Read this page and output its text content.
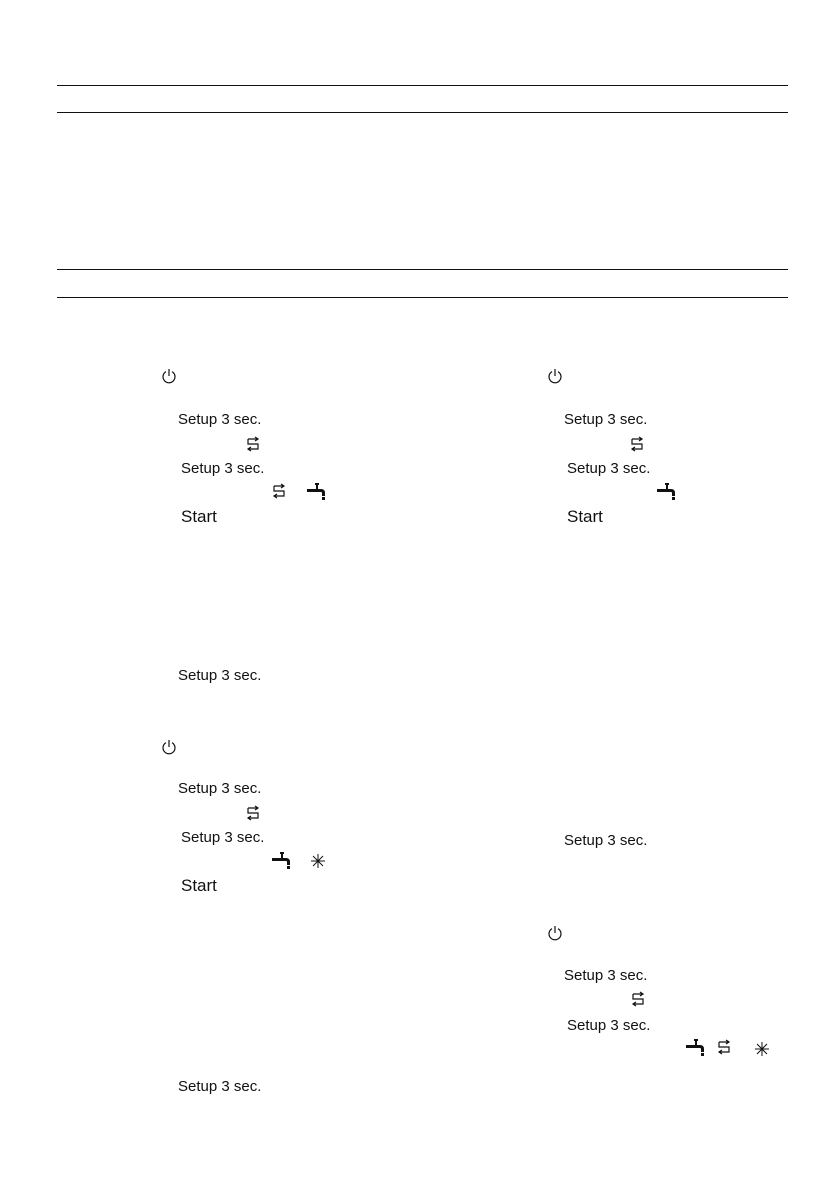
Setup 3 sec.
Setup 3 sec.
Start
Setup 3 sec.
Setup 3 sec.
Setup 3 sec.
Start
Setup 3 sec.
Setup 3 sec.
Setup 3 sec.
Start
Setup 3 sec.
Setup 3 sec.
Setup 3 sec.
